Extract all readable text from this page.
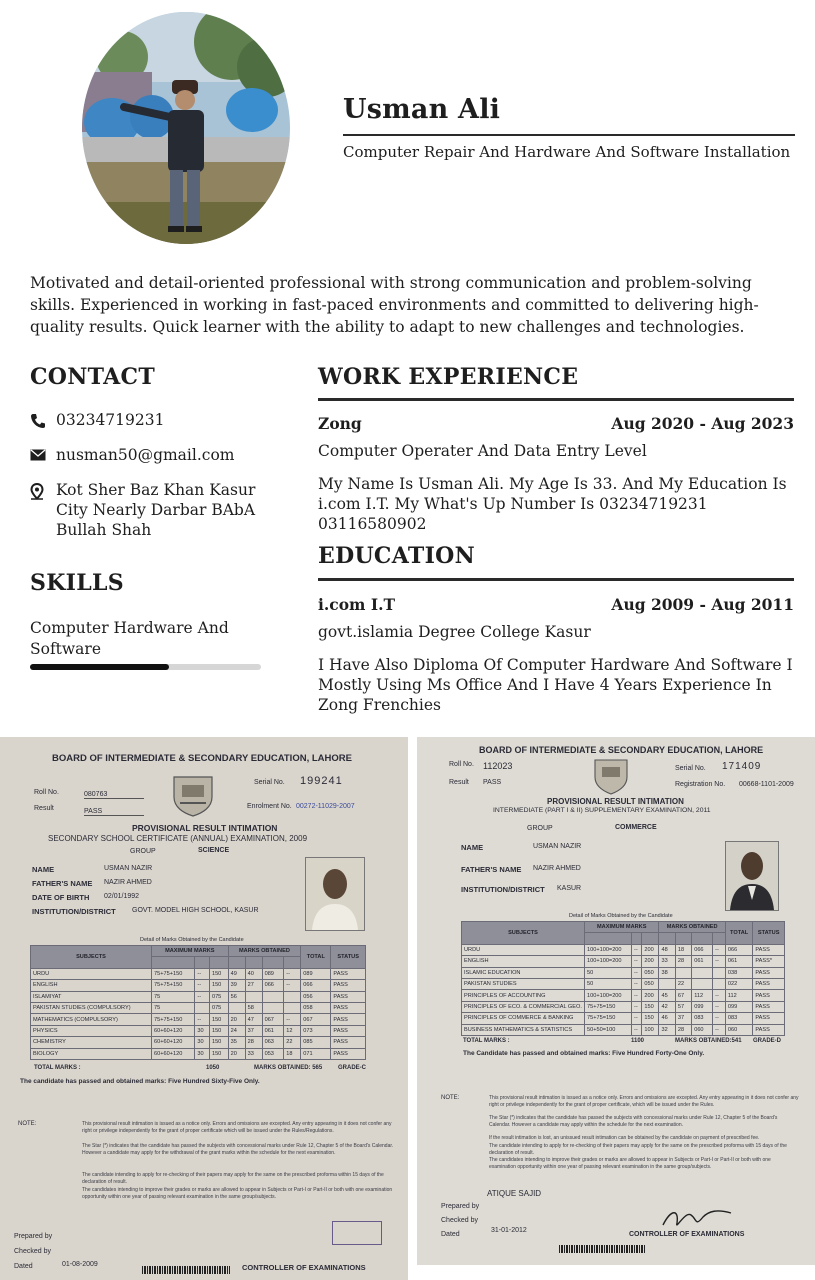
Usman Ali
Computer Repair And Hardware And Software Installation
Motivated and detail-oriented professional with strong communication and problem-solving skills. Experienced in working in fast-paced environments and committed to delivering high-quality results. Quick learner with the ability to adapt to new challenges and technologies.
CONTACT
03234719231
nusman50@gmail.com
Kot Sher Baz Khan Kasur City Nearly Darbar BAbA Bullah Shah
SKILLS
Computer Hardware And Software
WORK EXPERIENCE
Zong	Aug 2020 - Aug 2023
Computer Operater And Data Entry Level
My Name Is Usman Ali. My Age Is 33. And My Education Is i.com I.T. My What's Up Number Is 03234719231 03116580902
EDUCATION
i.com I.T	Aug 2009 - Aug 2011
govt.islamia Degree College Kasur
I Have Also Diploma Of Computer Hardware And Software I Mostly Using Ms Office And I Have 4 Years Experience In Zong Frenchies
BOARD OF INTERMEDIATE & SECONDARY EDUCATION, LAHORE
Roll No.	080763
Result	PASS
Serial No. 199241
Enrolment No. 00272-11029-2007
PROVISIONAL RESULT INTIMATION
SECONDARY SCHOOL CERTIFICATE (ANNUAL) EXAMINATION, 2009
GROUP	SCIENCE
NAME	USMAN NAZIR
FATHER'S NAME NAZIR AHMED
DATE OF BIRTH 02/01/1992
INSTITUTION/DISTRICT GOVT. MODEL HIGH SCHOOL, KASUR
Detail of Marks Obtained by the Candidate
SUBJECTS	MAXIMUM MARKS			MARKS OBTAINED				TOTAL	STATUS

URDU	75+75+150	--	150	49	40	089	--	089	PASS
ENGLISH	75+75+150	--	150	39	27	066	--	066	PASS
ISLAMIYAT	75	--	075	56				056	PASS
PAKISTAN STUDIES (COMPULSORY)	75		075		58			058	PASS
MATHEMATICS (COMPULSORY)	75+75+150	--	150	20	47	067	--	067	PASS
PHYSICS	60+60+120	30	150	24	37	061	12	073	PASS
CHEMISTRY	60+60+120	30	150	35	28	063	22	085	PASS
BIOLOGY	60+60+120	30	150	20	33	053	18	071	PASS
TOTAL MARKS :	1050	MARKS OBTAINED: 565	GRADE-C
The candidate has passed and obtained marks: Five Hundred Sixty-Five Only.
NOTE:	This provisional result intimation is issued as a notice only. Errors and omissions are excepted. Any entry appearing in it does not confer any right or privilege independently for the grant of proper certificate which will be issued under the Rules/Regulations.
The Star (*) indicates that the candidate has passed the subjects with concessional marks under Rule 12, Chapter 5 of the Board's Calendar. However a candidate may apply for the withdrawal of the grant marks within the schedule for the next examination.
The candidate intending to apply for re-checking of their papers may apply for the same on the prescribed proforma within 15 days of the declaration of result.
The candidates intending to improve their grades or marks are allowed to appear in Subjects or Part-I or Part-II or both with one examination opportunity within one year of passing relevant examination in the same group/subjects.
Prepared by
Checked by
Dated	01-08-2009	CONTROLLER OF EXAMINATIONS
BOARD OF INTERMEDIATE & SECONDARY EDUCATION, LAHORE
Roll No. 112023
Result PASS
Serial No. 171409
Registration No. 00668-1101-2009
PROVISIONAL RESULT INTIMATION
INTERMEDIATE (PART I & II) SUPPLEMENTARY EXAMINATION, 2011
GROUP	COMMERCE
NAME	USMAN NAZIR
FATHER'S NAME NAZIR AHMED
INSTITUTION/DISTRICT KASUR
Detail of Marks Obtained by the Candidate
SUBJECTS	MAXIMUM MARKS			MARKS OBTAINED				TOTAL	STATUS

URDU	100+100=200	--	200	48	18	066	--	066	PASS
ENGLISH	100+100=200	--	200	33	28	061	--	061	PASS*
ISLAMIC EDUCATION	50	--	050	38				038	PASS
PAKISTAN STUDIES	50	--	050		22			022	PASS
PRINCIPLES OF ACCOUNTING	100+100=200	--	200	45	67	112	--	112	PASS
PRINCIPLES OF ECO. & COMMERCIAL GEO.	75+75=150	--	150	42	57	099	--	099	PASS
PRINCIPLES OF COMMERCE & BANKING	75+75=150	--	150	46	37	083	--	083	PASS
BUSINESS MATHEMATICS & STATISTICS	50+50=100	--	100	32	28	060	--	060	PASS
TOTAL MARKS :	1100	MARKS OBTAINED:541 GRADE-D
The Candidate has passed and obtained marks: Five Hundred Forty-One Only.
NOTE:	This provisional result intimation is issued as a notice only. Errors and omissions are excepted. Any entry appearing in it does not confer any right or privilege independently for the grant of proper certificate, which will be issued under the Rules.
The Star (*) indicates that the candidate has passed the subjects with concessional marks under Rule 12, Chapter 5 of the Board's Calendar. However a candidate may apply within the schedule for the next examination.
If the result intimation is lost, an unissued result intimation can be obtained by the candidate on payment of prescribed fee.
The candidate intending to apply for re-checking of their papers may apply for the same on the prescribed proforma with 15 days of the declaration of result.
The candidates intending to improve their grades or marks are allowed to appear in Subjects or Part-I or Part-II or both with one examination opportunity within one year of passing relevant examination in the same group/subjects.
ATIQUE SAJID
Prepared by
Checked by
Dated
31-01-2012
CONTROLLER OF EXAMINATIONS
